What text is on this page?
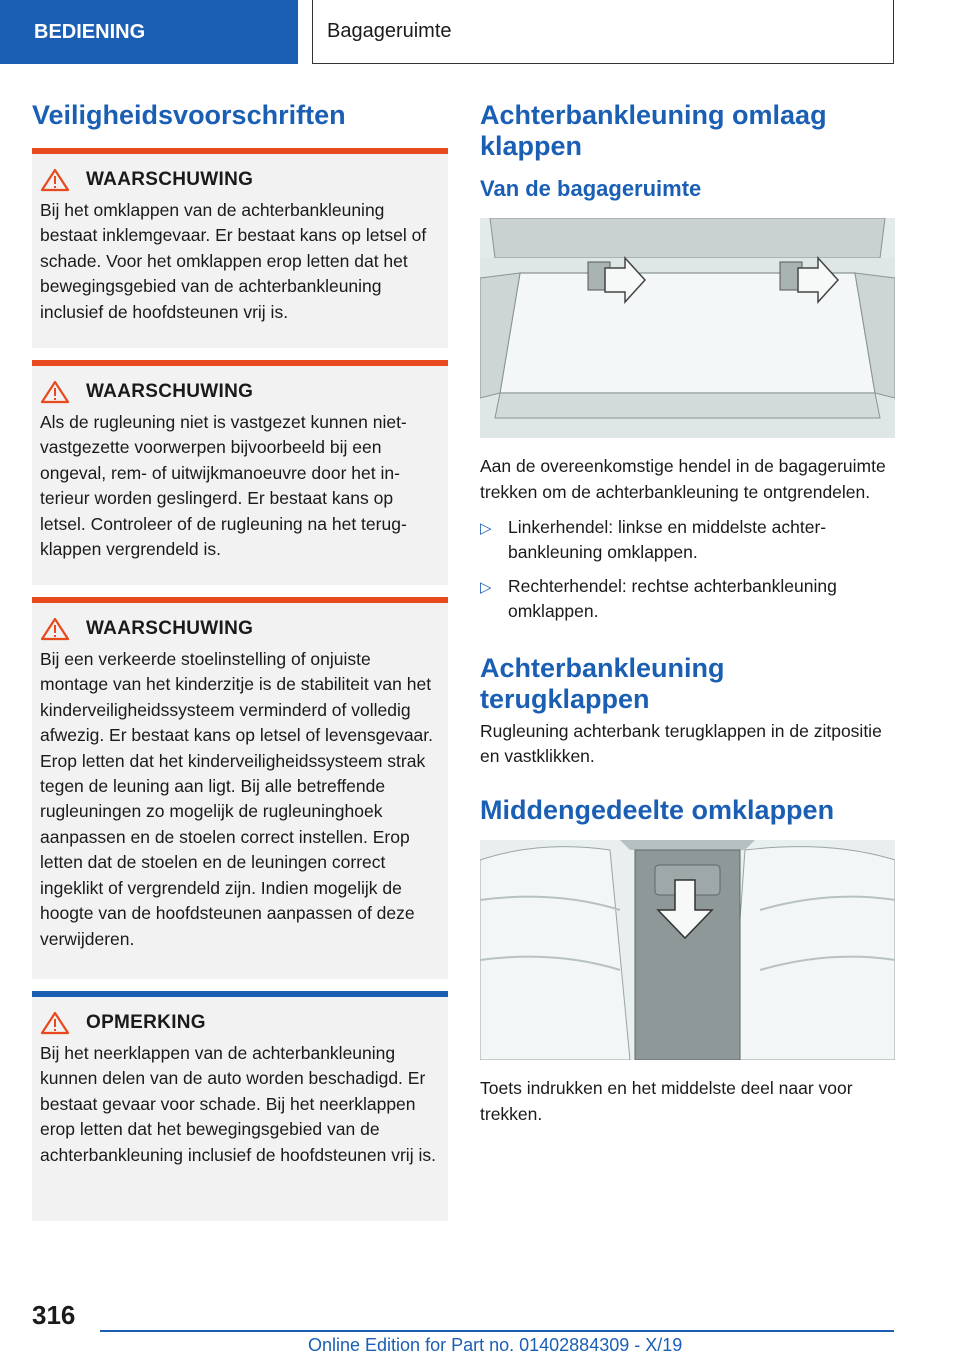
BEDIENING	Bagageruimte
Veiligheidsvoorschriften
WAARSCHUWING
Bij het omklappen van de achterbankleuning bestaat inklemgevaar. Er bestaat kans op letsel of schade. Voor het omklappen erop letten dat het bewegingsgebied van de achterbankleuning inclusief de hoofdsteunen vrij is.
WAARSCHUWING
Als de rugleuning niet is vastgezet kunnen niet-vastgezette voorwerpen bijvoorbeeld bij een ongeval, rem- of uitwijkmanoeuvre door het interieur worden geslingerd. Er bestaat kans op letsel. Controleer of de rugleuning na het terugklappen vergrendeld is.
WAARSCHUWING
Bij een verkeerde stoelinstelling of onjuiste montage van het kinderzitje is de stabiliteit van het kinderveiligheidssysteem verminderd of volledig afwezig. Er bestaat kans op letsel of levensgevaar. Erop letten dat het kinderveiligheidssysteem strak tegen de leuning aan ligt. Bij alle betreffende rugleuningen zo mogelijk de rugleuninghoek aanpassen en de stoelen correct instellen. Erop letten dat de stoelen en de leuningen correct ingeklikt of vergrendeld zijn. Indien mogelijk de hoogte van de hoofdsteunen aanpassen of deze verwijderen.
OPMERKING
Bij het neerklappen van de achterbankleuning kunnen delen van de auto worden beschadigd. Er bestaat gevaar voor schade. Bij het neerklappen erop letten dat het bewegingsgebied van de achterbankleuning inclusief de hoofdsteunen vrij is.
Achterbankleuning omlaag klappen
Van de bagageruimte

Aan de overeenkomstige hendel in de bagageruimte trekken om de achterbankleuning te ontgrendelen.

▷ Linkerhendel: linkse en middelste achterbankleuning omklappen.
▷ Rechterhendel: rechtse achterbankleuning omklappen.
Achterbankleuning terugklappen

Rugleuning achterbank terugklappen in de zitpositie en vastklikken.

Middengedeelte omklappen

Toets indrukken en het middelste deel naar voor trekken.

316
Online Edition for Part no. 01402884309 - X/19
